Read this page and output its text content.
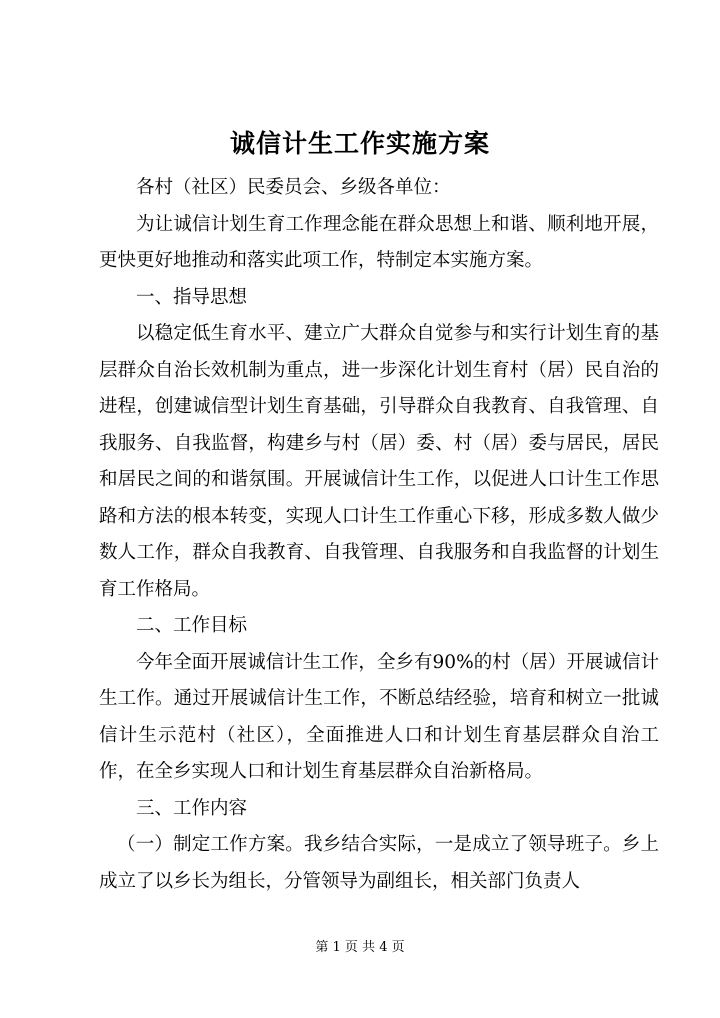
诚信计生工作实施方案

各村（社区）民委员会、乡级各单位：

为让诚信计划生育工作理念能在群众思想上和谐、顺利地开展，更快更好地推动和落实此项工作，特制定本实施方案。

一、指导思想

以稳定低生育水平、建立广大群众自觉参与和实行计划生育的基层群众自治长效机制为重点，进一步深化计划生育村（居）民自治的进程，创建诚信型计划生育基础，引导群众自我教育、自我管理、自我服务、自我监督，构建乡与村（居）委、村（居）委与居民，居民和居民之间的和谐氛围。开展诚信计生工作，以促进人口计生工作思路和方法的根本转变，实现人口计生工作重心下移，形成多数人做少数人工作，群众自我教育、自我管理、自我服务和自我监督的计划生育工作格局。

二、工作目标

今年全面开展诚信计生工作，全乡有90%的村（居）开展诚信计生工作。通过开展诚信计生工作，不断总结经验，培育和树立一批诚信计生示范村（社区），全面推进人口和计划生育基层群众自治工作，在全乡实现人口和计划生育基层群众自治新格局。

三、工作内容

（一）制定工作方案。我乡结合实际，一是成立了领导班子。乡上成立了以乡长为组长，分管领导为副组长，相关部门负责人

第 1 页 共 4 页
